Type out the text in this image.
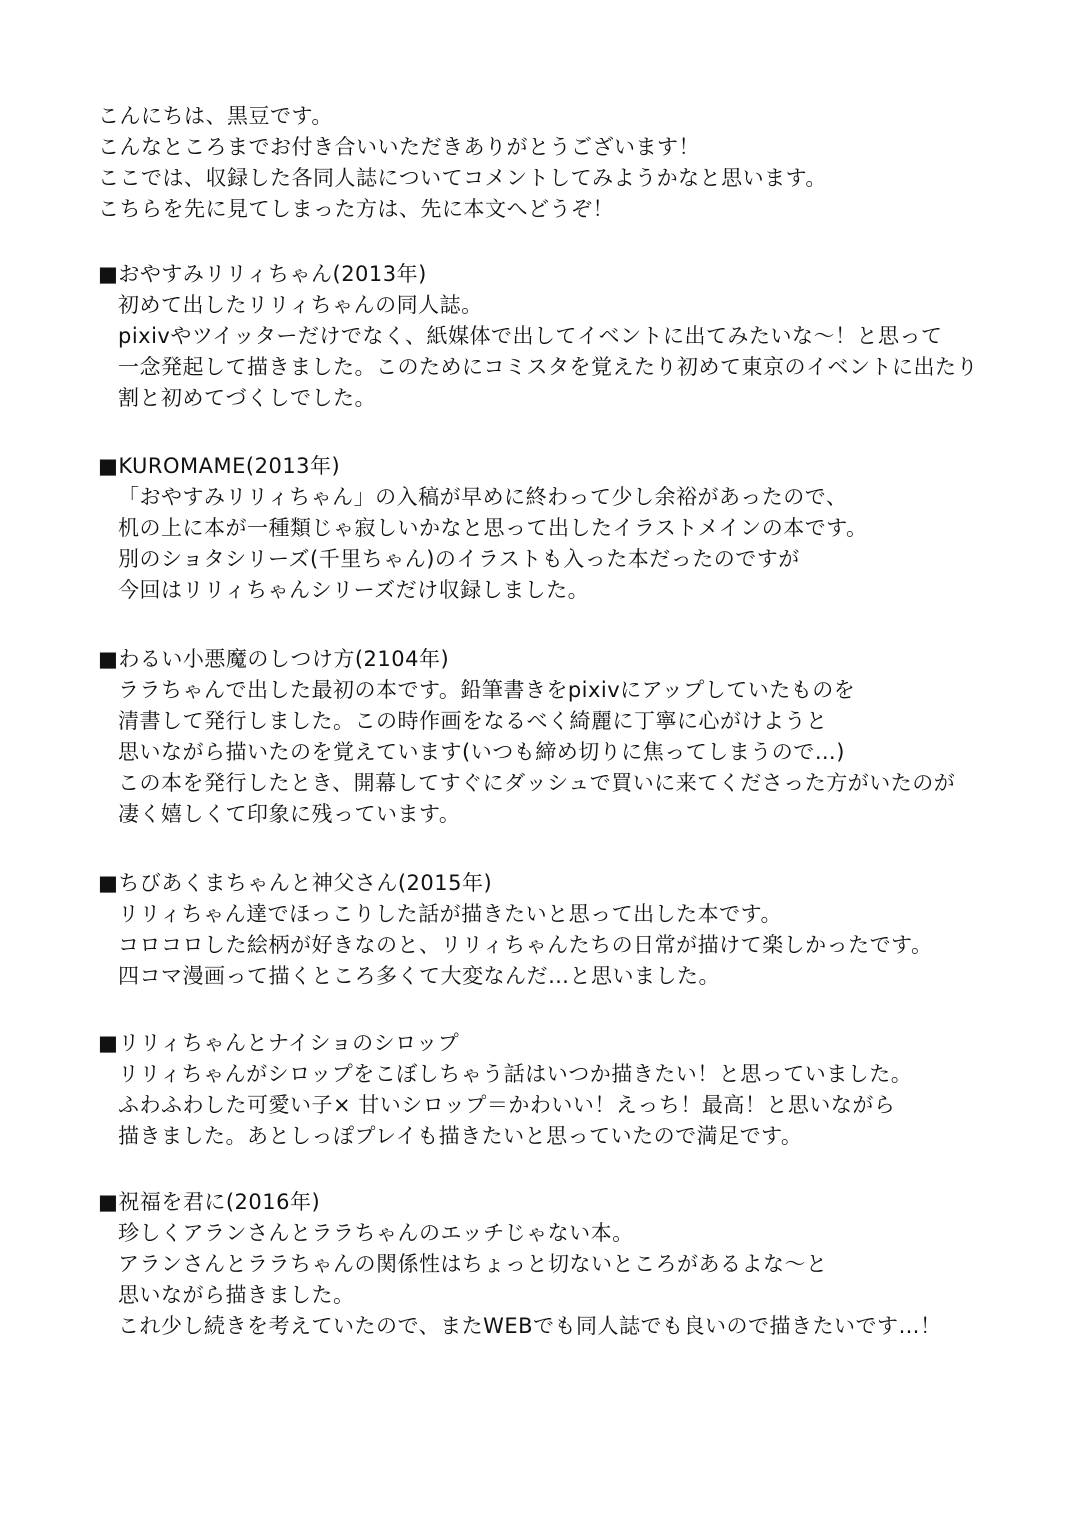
こんにちは、黒豆です。
こんなところまでお付き合いいただきありがとうございます！
ここでは、収録した各同人誌についてコメントしてみようかなと思います。
こちらを先に見てしまった方は、先に本文へどうぞ！
■おやすみリリィちゃん(2013年)
初めて出したリリィちゃんの同人誌。
pixivやツイッターだけでなく、紙媒体で出してイベントに出てみたいな〜！と思って
一念発起して描きました。このためにコミスタを覚えたり初めて東京のイベントに出たり
割と初めてづくしでした。
■KUROMAME(2013年)
「おやすみリリィちゃん」の入稿が早めに終わって少し余裕があったので、
机の上に本が一種類じゃ寂しいかなと思って出したイラストメインの本です。
別のショタシリーズ(千里ちゃん)のイラストも入った本だったのですが
今回はリリィちゃんシリーズだけ収録しました。
■わるい小悪魔のしつけ方(2104年)
ララちゃんで出した最初の本です。鉛筆書きをpixivにアップしていたものを
清書して発行しました。この時作画をなるべく綺麗に丁寧に心がけようと
思いながら描いたのを覚えています(いつも締め切りに焦ってしまうので…)
この本を発行したとき、開幕してすぐにダッシュで買いに来てくださった方がいたのが
凄く嬉しくて印象に残っています。
■ちびあくまちゃんと神父さん(2015年)
リリィちゃん達でほっこりした話が描きたいと思って出した本です。
コロコロした絵柄が好きなのと、リリィちゃんたちの日常が描けて楽しかったです。
四コマ漫画って描くところ多くて大変なんだ…と思いました。
■リリィちゃんとナイショのシロップ
リリィちゃんがシロップをこぼしちゃう話はいつか描きたい！と思っていました。
ふわふわした可愛い子× 甘いシロップ＝かわいい！えっち！最高！と思いながら
描きました。あとしっぽプレイも描きたいと思っていたので満足です。
■祝福を君に(2016年)
珍しくアランさんとララちゃんのエッチじゃない本。
アランさんとララちゃんの関係性はちょっと切ないところがあるよな〜と
思いながら描きました。
これ少し続きを考えていたので、またWEBでも同人誌でも良いので描きたいです…！
